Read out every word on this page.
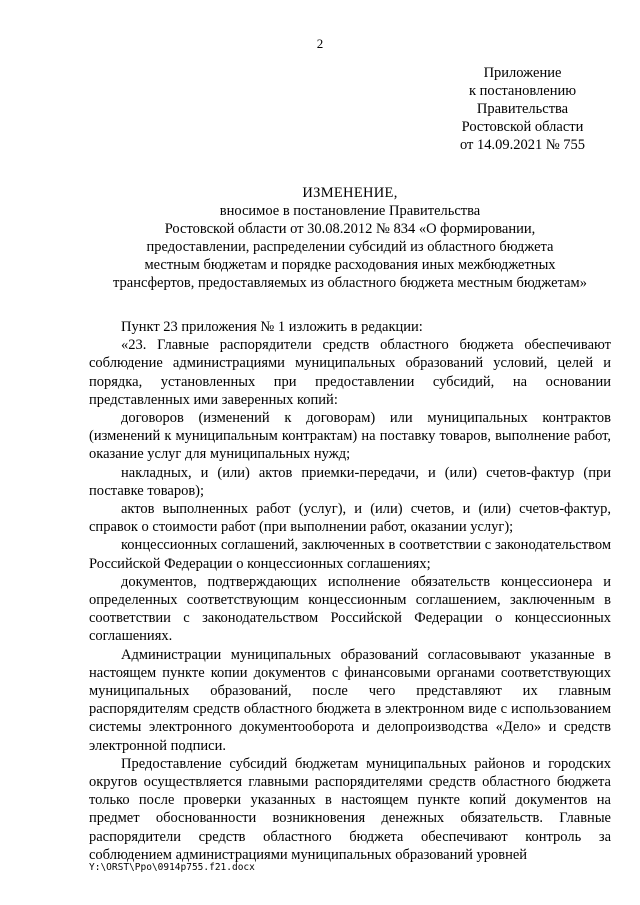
2
Приложение
к постановлению
Правительства
Ростовской области
от 14.09.2021 № 755
ИЗМЕНЕНИЕ,
вносимое в постановление Правительства
Ростовской области от 30.08.2012 № 834 «О формировании,
предоставлении, распределении субсидий из областного бюджета
местным бюджетам и порядке расходования иных межбюджетных
трансфертов, предоставляемых из областного бюджета местным бюджетам»

Пункт 23 приложения № 1 изложить в редакции:

«23. Главные распорядители средств областного бюджета обеспечивают соблюдение администрациями муниципальных образований условий, целей и порядка, установленных при предоставлении субсидий, на основании представленных ими заверенных копий:

договоров (изменений к договорам) или муниципальных контрактов (изменений к муниципальным контрактам) на поставку товаров, выполнение работ, оказание услуг для муниципальных нужд;

накладных, и (или) актов приемки-передачи, и (или) счетов-фактур (при поставке товаров);

актов выполненных работ (услуг), и (или) счетов, и (или) счетов-фактур, справок о стоимости работ (при выполнении работ, оказании услуг);

концессионных соглашений, заключенных в соответствии с законодательством Российской Федерации о концессионных соглашениях;

документов, подтверждающих исполнение обязательств концессионера и определенных соответствующим концессионным соглашением, заключенным в соответствии с законодательством Российской Федерации о концессионных соглашениях.

Администрации муниципальных образований согласовывают указанные в настоящем пункте копии документов с финансовыми органами соответствующих муниципальных образований, после чего представляют их главным распорядителям средств областного бюджета в электронном виде с использованием системы электронного документооборота и делопроизводства «Дело» и средств электронной подписи.

Предоставление субсидий бюджетам муниципальных районов и городских округов осуществляется главными распорядителями средств областного бюджета только после проверки указанных в настоящем пункте копий документов на предмет обоснованности возникновения денежных обязательств. Главные распорядители средств областного бюджета обеспечивают контроль за соблюдением администрациями муниципальных образований уровней

Y:\ORST\Ppo\0914p755.f21.docx
